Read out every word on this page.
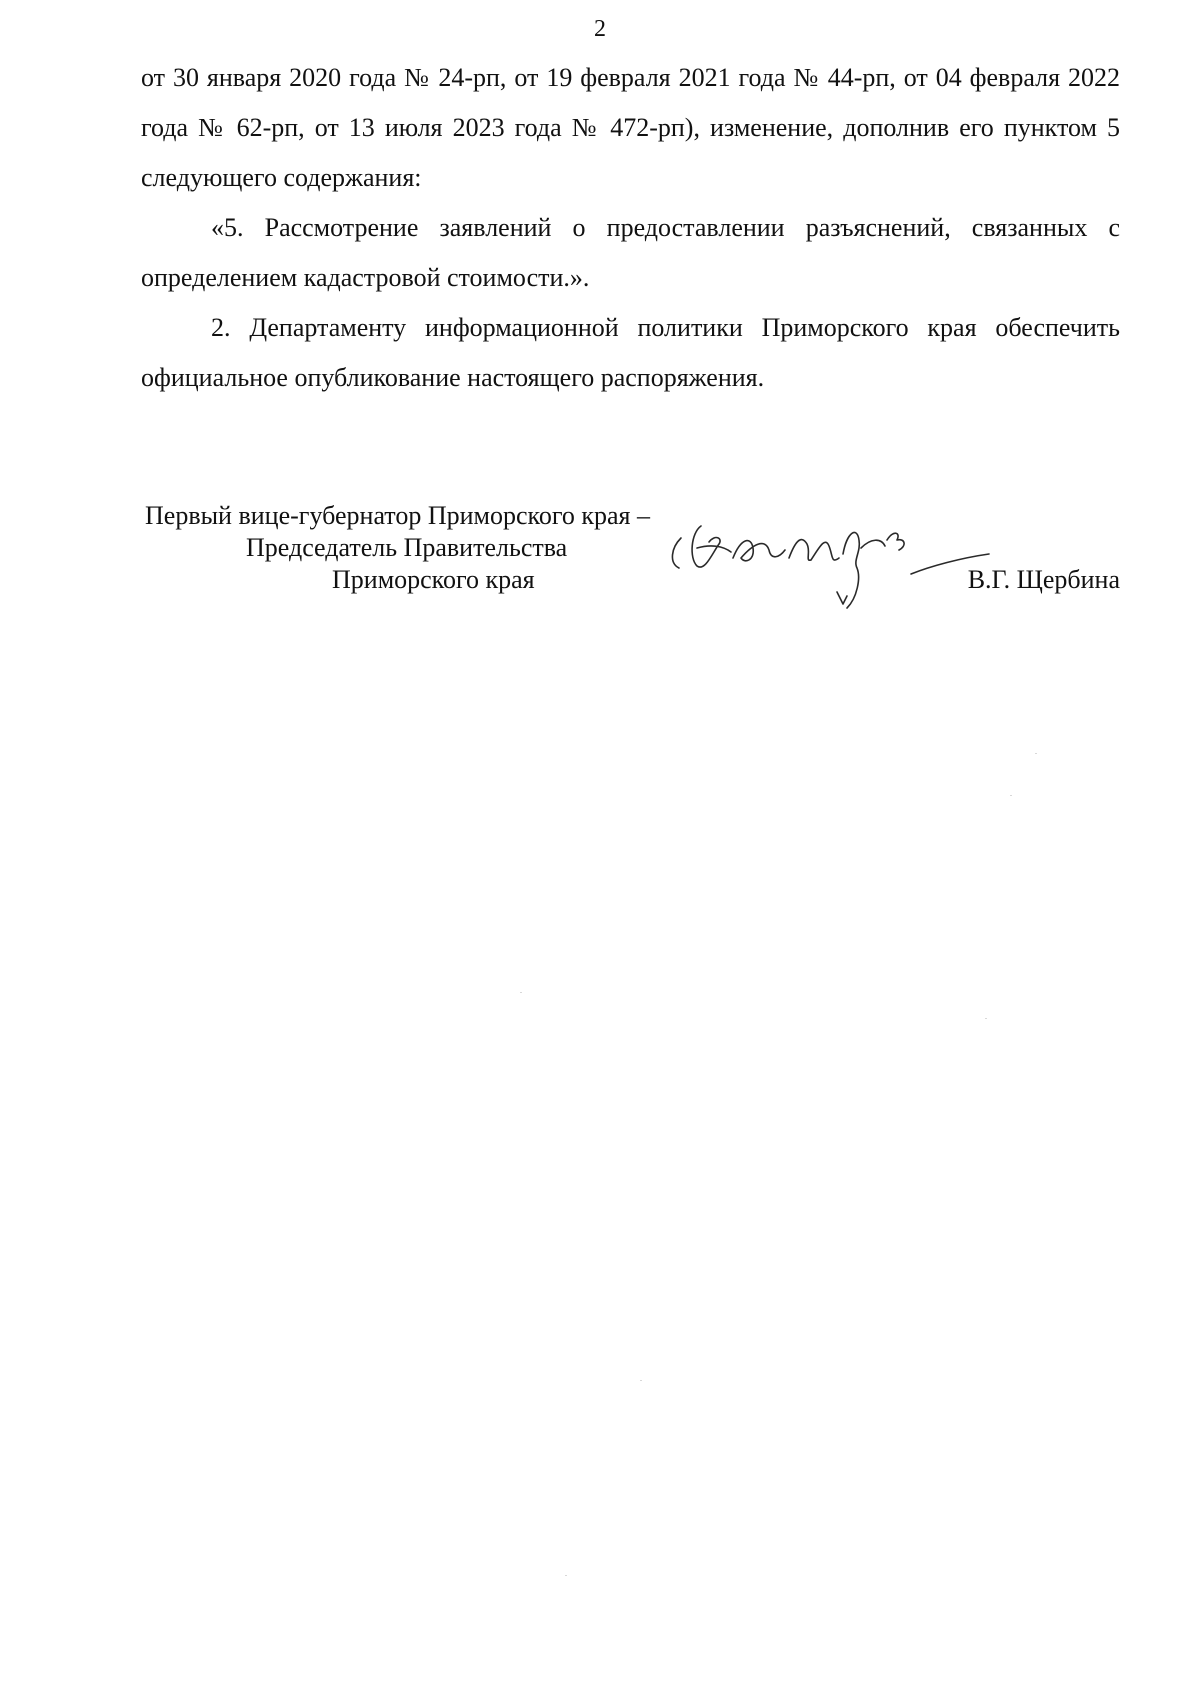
2

от 30 января 2020 года № 24-рп, от 19 февраля 2021 года № 44-рп, от 04 февраля 2022 года № 62-рп, от 13 июля 2023 года № 472-рп), изменение, дополнив его пунктом 5 следующего содержания:

«5. Рассмотрение заявлений о предоставлении разъяснений, связанных с определением кадастровой стоимости.».

2. Департаменту информационной политики Приморского края обеспечить официальное опубликование настоящего распоряжения.

Первый вице-губернатор Приморского края –
Председатель Правительства
Приморского края	В.Г. Щербина
